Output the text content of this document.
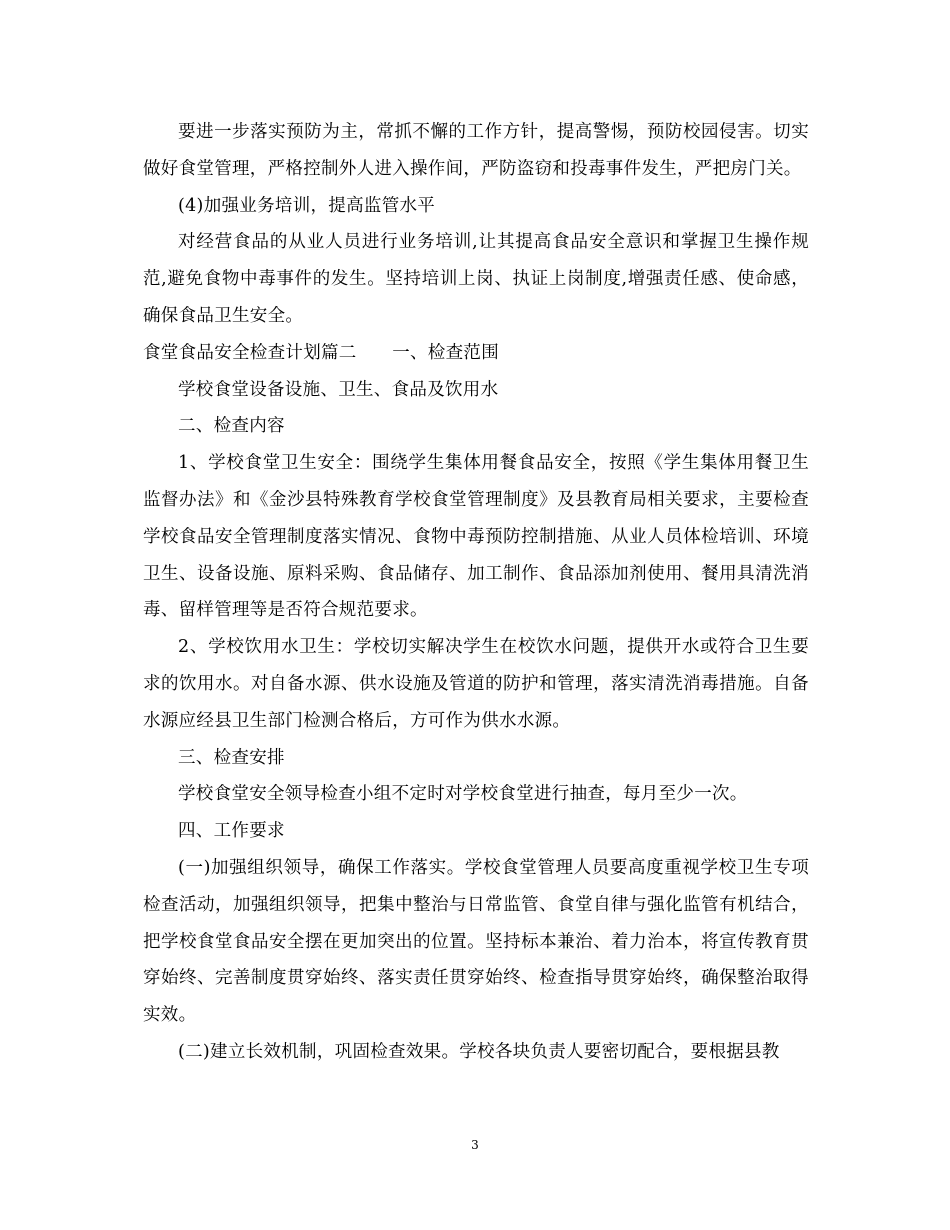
要进一步落实预防为主，常抓不懈的工作方针，提高警惕，预防校园侵害。切实做好食堂管理，严格控制外人进入操作间，严防盗窃和投毒事件发生，严把房门关。

(4)加强业务培训，提高监管水平

对经营食品的从业人员进行业务培训,让其提高食品安全意识和掌握卫生操作规范,避免食物中毒事件的发生。坚持培训上岗、执证上岗制度,增强责任感、使命感，确保食品卫生安全。

食堂食品安全检查计划篇二　　一、检查范围

学校食堂设备设施、卫生、食品及饮用水

二、检查内容

1、学校食堂卫生安全：围绕学生集体用餐食品安全，按照《学生集体用餐卫生监督办法》和《金沙县特殊教育学校食堂管理制度》及县教育局相关要求，主要检查学校食品安全管理制度落实情况、食物中毒预防控制措施、从业人员体检培训、环境卫生、设备设施、原料采购、食品储存、加工制作、食品添加剂使用、餐用具清洗消毒、留样管理等是否符合规范要求。

2、学校饮用水卫生：学校切实解决学生在校饮水问题，提供开水或符合卫生要求的饮用水。对自备水源、供水设施及管道的防护和管理，落实清洗消毒措施。自备水源应经县卫生部门检测合格后，方可作为供水水源。

三、检查安排

学校食堂安全领导检查小组不定时对学校食堂进行抽查，每月至少一次。

四、工作要求

(一)加强组织领导，确保工作落实。学校食堂管理人员要高度重视学校卫生专项检查活动，加强组织领导，把集中整治与日常监管、食堂自律与强化监管有机结合，把学校食堂食品安全摆在更加突出的位置。坚持标本兼治、着力治本，将宣传教育贯穿始终、完善制度贯穿始终、落实责任贯穿始终、检查指导贯穿始终，确保整治取得实效。

(二)建立长效机制，巩固检查效果。学校各块负责人要密切配合，要根据县教

3
